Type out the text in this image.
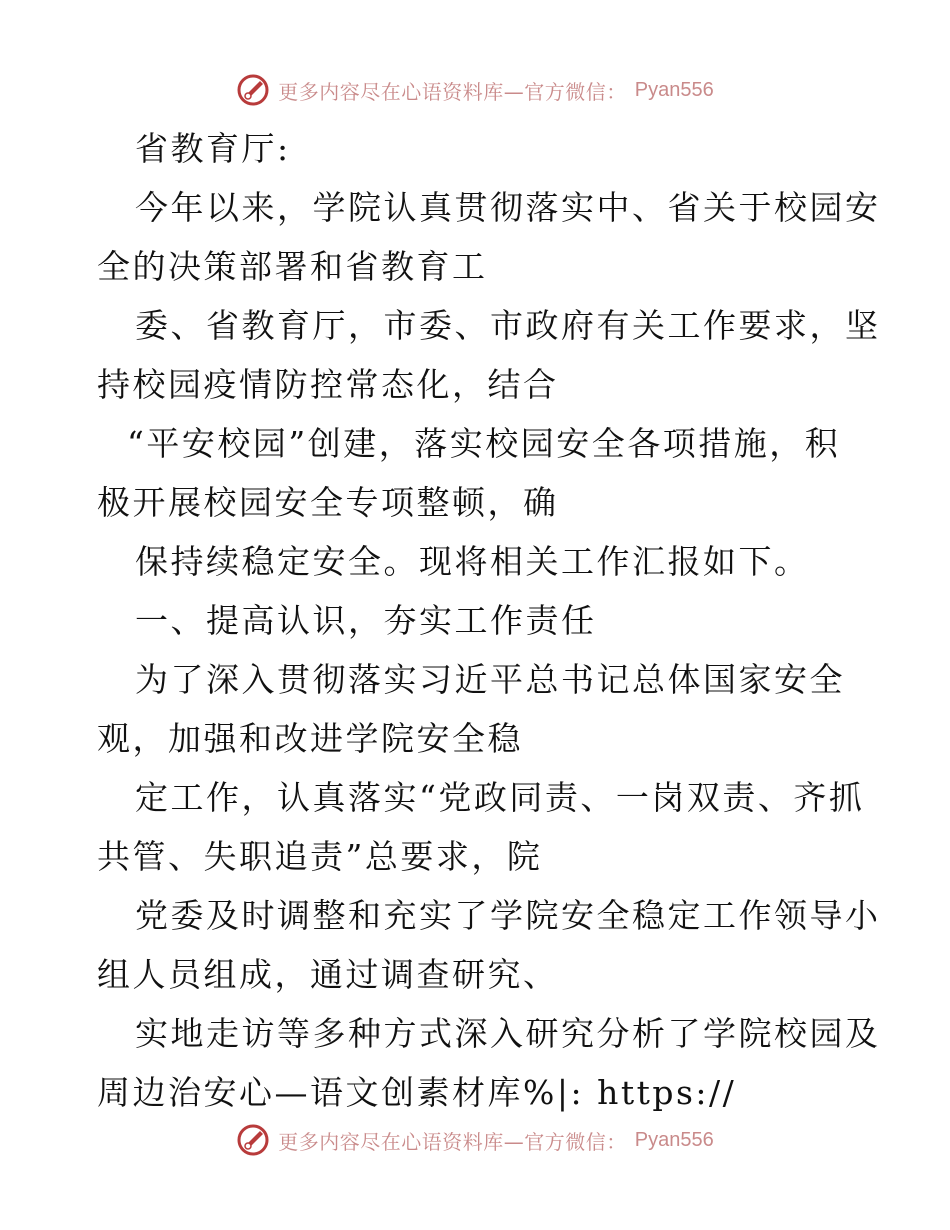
更多内容尽在心语资料库—官方微信： Pyan556
省教育厅:
今年以来，学院认真贯彻落实中、省关于校园安
全的决策部署和省教育工
委、省教育厅，市委、市政府有关工作要求，坚
持校园疫情防控常态化，结合
“平安校园”创建，落实校园安全各项措施，积
极开展校园安全专项整顿，确
保持续稳定安全。现将相关工作汇报如下。
一、提高认识，夯实工作责任
为了深入贯彻落实习近平总书记总体国家安全
观，加强和改进学院安全稳
定工作，认真落实“党政同责、一岗双责、齐抓
共管、失职追责”总要求，院
党委及时调整和充实了学院安全稳定工作领导小
组人员组成，通过调查研究、
实地走访等多种方式深入研究分析了学院校园及
周边治安心—语文创素材库%|: https://
更多内容尽在心语资料库—官方微信： Pyan556
